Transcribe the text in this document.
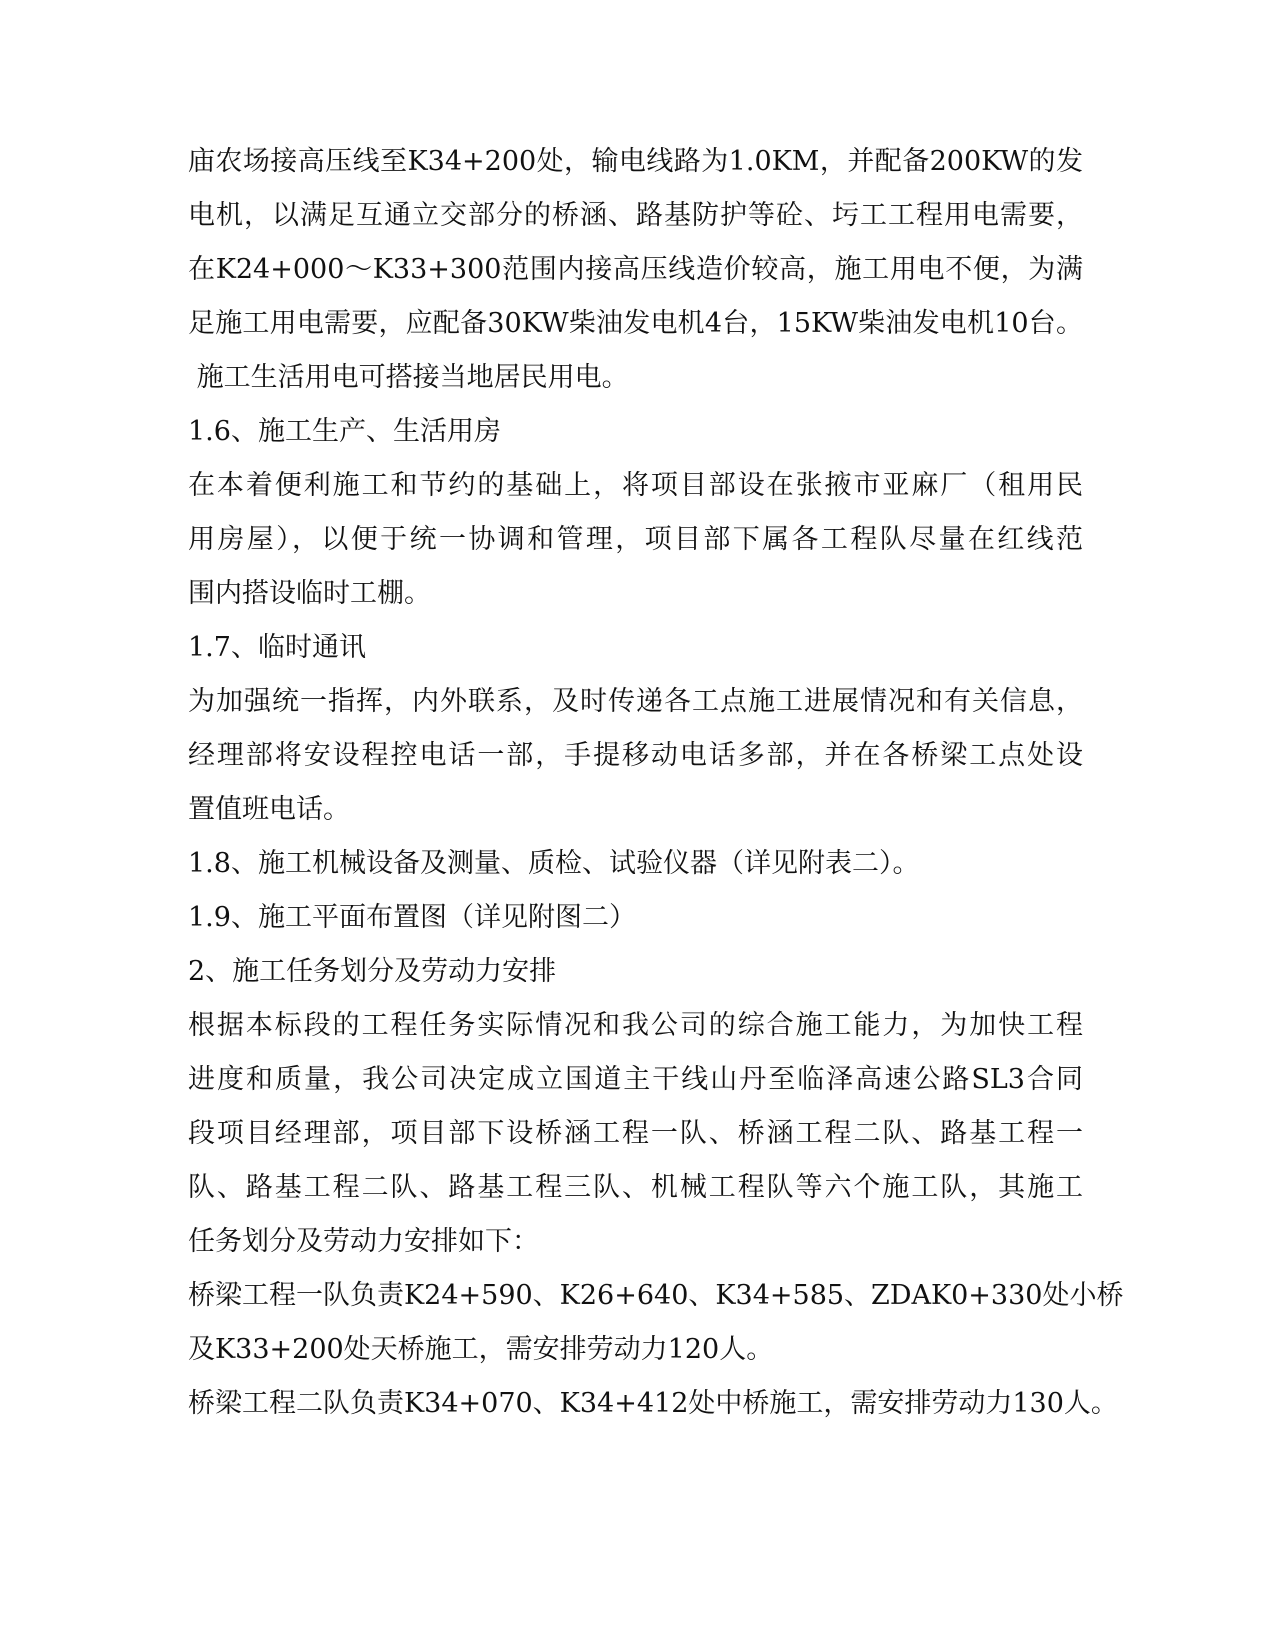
庙农场接高压线至K34+200处，输电线路为1.0KM，并配备200KW的发
电机，以满足互通立交部分的桥涵、路基防护等砼、圬工工程用电需要，
在K24+000～K33+300范围内接高压线造价较高，施工用电不便，为满
足施工用电需要，应配备30KW柴油发电机4台，15KW柴油发电机10台。
施工生活用电可搭接当地居民用电。
1.6、施工生产、生活用房
在本着便利施工和节约的基础上，将项目部设在张掖市亚麻厂（租用民
用房屋），以便于统一协调和管理，项目部下属各工程队尽量在红线范
围内搭设临时工棚。
1.7、临时通讯
为加强统一指挥，内外联系，及时传递各工点施工进展情况和有关信息，
经理部将安设程控电话一部，手提移动电话多部，并在各桥梁工点处设
置值班电话。
1.8、施工机械设备及测量、质检、试验仪器（详见附表二）。
1.9、施工平面布置图（详见附图二）
2、施工任务划分及劳动力安排
根据本标段的工程任务实际情况和我公司的综合施工能力，为加快工程
进度和质量，我公司决定成立国道主干线山丹至临泽高速公路SL3合同
段项目经理部，项目部下设桥涵工程一队、桥涵工程二队、路基工程一
队、路基工程二队、路基工程三队、机械工程队等六个施工队，其施工
任务划分及劳动力安排如下：
桥梁工程一队负责K24+590、K26+640、K34+585、ZDAK0+330处小桥
及K33+200处天桥施工，需安排劳动力120人。
桥梁工程二队负责K34+070、K34+412处中桥施工，需安排劳动力130人。
